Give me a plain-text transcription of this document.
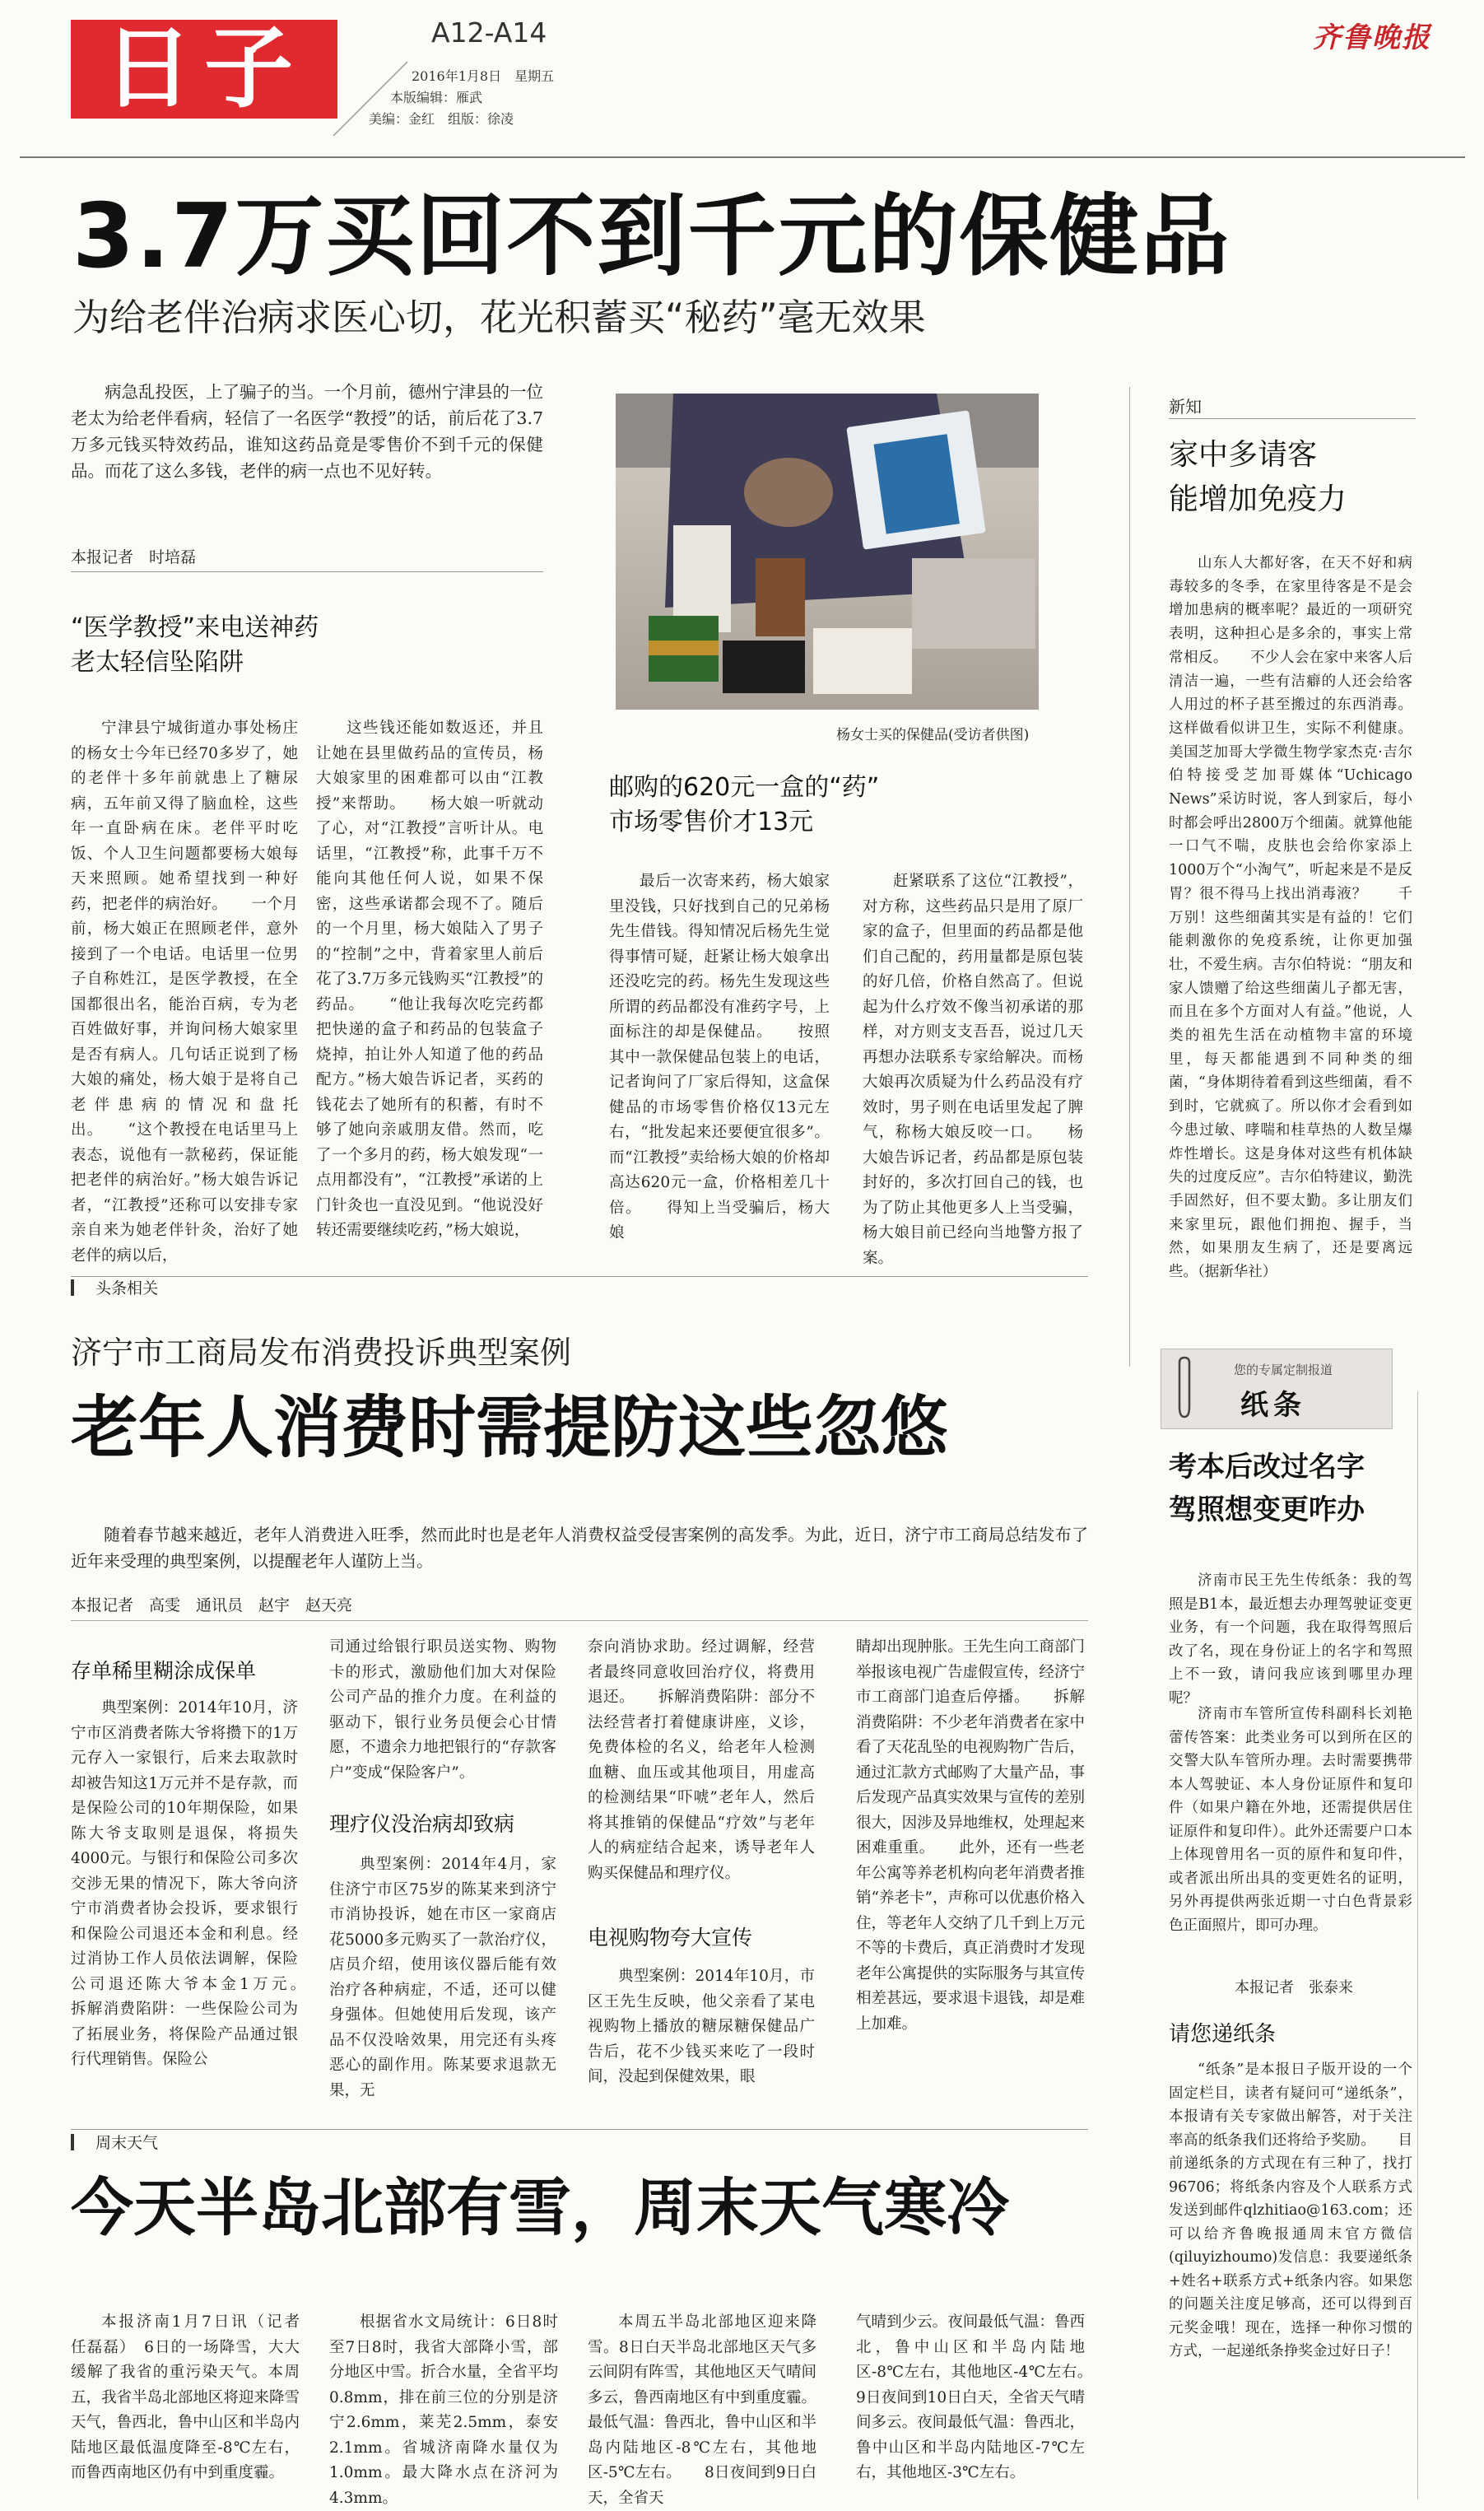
日子	A12-A14
2016年1月8日　星期五
本版编辑：雁武
美编：金红　组版：徐凌
齐鲁晚报
3.7万买回不到千元的保健品
为给老伴治病求医心切，花光积蓄买“秘药”毫无效果

病急乱投医，上了骗子的当。一个月前，德州宁津县的一位老太为给老伴看病，轻信了一名医学“教授”的话，前后花了3.7万多元钱买特效药品，谁知这药品竟是零售价不到千元的保健品。而花了这么多钱，老伴的病一点也不见好转。

本报记者　时培磊
“医学教授”来电送神药
老太轻信坠陷阱

宁津县宁城街道办事处杨庄的杨女士今年已经70多岁了，她的老伴十多年前就患上了糖尿病，五年前又得了脑血栓，这些年一直卧病在床。老伴平时吃饭、个人卫生问题都要杨大娘每天来照顾。她希望找到一种好药，把老伴的病治好。　　一个月前，杨大娘正在照顾老伴，意外接到了一个电话。电话里一位男子自称姓江，是医学教授，在全国都很出名，能治百病，专为老百姓做好事，并询问杨大娘家里是否有病人。几句话正说到了杨大娘的痛处，杨大娘于是将自己老伴患病的情况和盘托出。　　“这个教授在电话里马上表态，说他有一款秘药，保证能把老伴的病治好。”杨大娘告诉记者，“江教授”还称可以安排专家亲自来为她老伴针灸，治好了她老伴的病以后，

这些钱还能如数返还，并且让她在县里做药品的宣传员，杨大娘家里的困难都可以由“江教授”来帮助。　　杨大娘一听就动了心，对“江教授”言听计从。电话里，“江教授”称，此事千万不能向其他任何人说，如果不保密，这些承诺都会现不了。随后的一个月里，杨大娘陆入了男子的“控制”之中，背着家里人前后花了3.7万多元钱购买“江教授”的药品。　　“他让我每次吃完药都把快递的盒子和药品的包装盒子烧掉，拍让外人知道了他的药品配方。”杨大娘告诉记者，买药的钱花去了她所有的积蓄，有时不够了她向亲戚朋友借。然而，吃了一个多月的药，杨大娘发现“一点用都没有”，“江教授”承诺的上门针灸也一直没见到。“他说没好转还需要继续吃药，”杨大娘说，

杨女士买的保健品(受访者供图)
邮购的620元一盒的“药”
市场零售价才13元

最后一次寄来药，杨大娘家里没钱，只好找到自己的兄弟杨先生借钱。得知情况后杨先生觉得事情可疑，赶紧让杨大娘拿出还没吃完的药。杨先生发现这些所谓的药品都没有准药字号，上面标注的却是保健品。　　按照其中一款保健品包装上的电话，记者询问了厂家后得知，这盒保健品的市场零售价格仅13元左右，“批发起来还要便宜很多”。而“江教授”卖给杨大娘的价格却高达620元一盒，价格相差几十倍。　　得知上当受骗后，杨大娘

赶紧联系了这位“江教授”，对方称，这些药品只是用了原厂家的盒子，但里面的药品都是他们自己配的，药用量都是原包装的好几倍，价格自然高了。但说起为什么疗效不像当初承诺的那样，对方则支支吾吾，说过几天再想办法联系专家给解决。而杨大娘再次质疑为什么药品没有疗效时，男子则在电话里发起了脾气，称杨大娘反咬一口。　　杨大娘告诉记者，药品都是原包装封好的，多次打回自己的钱，也为了防止其他更多人上当受骗，杨大娘目前已经向当地警方报了案。

新知
家中多请客
能增加免疫力

山东人大都好客，在天不好和病毒较多的冬季，在家里待客是不是会增加患病的概率呢？最近的一项研究表明，这种担心是多余的，事实上常常相反。　　不少人会在家中来客人后清洁一遍，一些有洁癖的人还会给客人用过的杯子甚至搬过的东西消毒。这样做看似讲卫生，实际不利健康。美国芝加哥大学微生物学家杰克·吉尔伯特接受芝加哥媒体“Uchicago News”采访时说，客人到家后，每小时都会呼出2800万个细菌。就算他能一口气不喘，皮肤也会给你家添上1000万个“小淘气”，听起来是不是反胃？很不得马上找出消毒液？　　千万别！这些细菌其实是有益的！它们能刺激你的免疫系统，让你更加强壮，不爱生病。吉尔伯特说：“朋友和家人馈赠了给这些细菌儿子都无害，而且在多个方面对人有益。”他说，人类的祖先生活在动植物丰富的环境里，每天都能遇到不同种类的细菌，“身体期待着看到这些细菌，看不到时，它就疯了。所以你才会看到如今患过敏、哮喘和桂草热的人数呈爆炸性增长。这是身体对这些有机体缺失的过度反应”。吉尔伯特建议，勤洗手固然好，但不要太勤。多让朋友们来家里玩，跟他们拥抱、握手，当然，如果朋友生病了，还是要离远些。（据新华社）

头条相关
济宁市工商局发布消费投诉典型案例
老年人消费时需提防这些忽悠

随着春节越来越近，老年人消费进入旺季，然而此时也是老年人消费权益受侵害案例的高发季。为此，近日，济宁市工商局总结发布了近年来受理的典型案例，以提醒老年人谨防上当。

本报记者　高雯　通讯员　赵宇　赵天亮
存单稀里糊涂成保单

典型案例：2014年10月，济宁市区消费者陈大爷将攒下的1万元存入一家银行，后来去取款时却被告知这1万元并不是存款，而是保险公司的10年期保险，如果陈大爷支取则是退保，将损失4000元。与银行和保险公司多次交涉无果的情况下，陈大爷向济宁市消费者协会投诉，要求银行和保险公司退还本金和利息。经过消协工作人员依法调解，保险公司退还陈大爷本金1万元。　　拆解消费陷阱：一些保险公司为了拓展业务，将保险产品通过银行代理销售。保险公

司通过给银行职员送实物、购物卡的形式，激励他们加大对保险公司产品的推介力度。在利益的驱动下，银行业务员便会心甘情愿，不遗余力地把银行的“存款客户”变成“保险客户”。

理疗仪没治病却致病

典型案例：2014年4月，家住济宁市区75岁的陈某来到济宁市消协投诉，她在市区一家商店花5000多元购买了一款治疗仪，店员介绍，使用该仪器后能有效治疗各种病症，不适，还可以健身强体。但她使用后发现，该产品不仅没啥效果，用完还有头疼恶心的副作用。陈某要求退款无果，无

奈向消协求助。经过调解，经营者最终同意收回治疗仪，将费用退还。　　拆解消费陷阱：部分不法经营者打着健康讲座，义诊，免费体检的名义，给老年人检测血糖、血压或其他项目，用虚高的检测结果“吓唬”老年人，然后将其推销的保健品“疗效”与老年人的病症结合起来，诱导老年人购买保健品和理疗仪。

电视购物夸大宣传

典型案例：2014年10月，市区王先生反映，他父亲看了某电视购物上播放的糖尿糖保健品广告后，花不少钱买来吃了一段时间，没起到保健效果，眼

睛却出现肿胀。王先生向工商部门举报该电视广告虚假宣传，经济宁市工商部门追查后停播。　　拆解消费陷阱：不少老年消费者在家中看了天花乱坠的电视购物广告后，通过汇款方式邮购了大量产品，事后发现产品真实效果与宣传的差别很大，因涉及异地维权，处理起来困难重重。　　此外，还有一些老年公寓等养老机构向老年消费者推销“养老卡”，声称可以优惠价格入住，等老年人交纳了几千到上万元不等的卡费后，真正消费时才发现老年公寓提供的实际服务与其宣传相差甚远，要求退卡退钱，却是难上加难。

您的专属定制报道
纸条
考本后改过名字
驾照想变更咋办

济南市民王先生传纸条：我的驾照是B1本，最近想去办理驾驶证变更业务，有一个问题，我在取得驾照后改了名，现在身份证上的名字和驾照上不一致，请问我应该到哪里办理呢？

济南市车管所宣传科副科长刘艳蕾传答案：此类业务可以到所在区的交警大队车管所办理。去时需要携带本人驾驶证、本人身份证原件和复印件（如果户籍在外地，还需提供居住证原件和复印件）。此外还需要户口本上体现曾用名一页的原件和复印件，或者派出所出具的变更姓名的证明，另外再提供两张近期一寸白色背景彩色正面照片，即可办理。

本报记者　张泰来
请您递纸条

“纸条”是本报日子版开设的一个固定栏目，读者有疑问可“递纸条”，本报请有关专家做出解答，对于关注率高的纸条我们还将给予奖励。　　目前递纸条的方式现在有三种了，找打96706；将纸条内容及个人联系方式发送到邮件qlzhitiao@163.com；还可以给齐鲁晚报通周末官方微信(qiluyizhoumo)发信息：我要递纸条+姓名+联系方式+纸条内容。如果您的问题关注度足够高，还可以得到百元奖金哦！现在，选择一种你习惯的方式，一起递纸条挣奖金过好日子！

周末天气
今天半岛北部有雪，周末天气寒冷

本报济南1月7日讯（记者　任磊磊）　6日的一场降雪，大大缓解了我省的重污染天气。本周五，我省半岛北部地区将迎来降雪天气，鲁西北，鲁中山区和半岛内陆地区最低温度降至-8℃左右，而鲁西南地区仍有中到重度霾。

根据省水文局统计：6日8时至7日8时，我省大部降小雪，部分地区中雪。折合水量，全省平均0.8mm，排在前三位的分别是济宁2.6mm，莱芜2.5mm，泰安2.1mm。省城济南降水量仅为1.0mm。最大降水点在济河为4.3mm。

本周五半岛北部地区迎来降雪。8日白天半岛北部地区天气多云间阴有阵雪，其他地区天气晴间多云，鲁西南地区有中到重度霾。最低气温：鲁西北，鲁中山区和半岛内陆地区-8℃左右，其他地区-5℃左右。　　8日夜间到9日白天，全省天

气晴到少云。夜间最低气温：鲁西北，鲁中山区和半岛内陆地区-8℃左右，其他地区-4℃左右。　　9日夜间到10日白天，全省天气晴间多云。夜间最低气温：鲁西北，鲁中山区和半岛内陆地区-7℃左右，其他地区-3℃左右。
